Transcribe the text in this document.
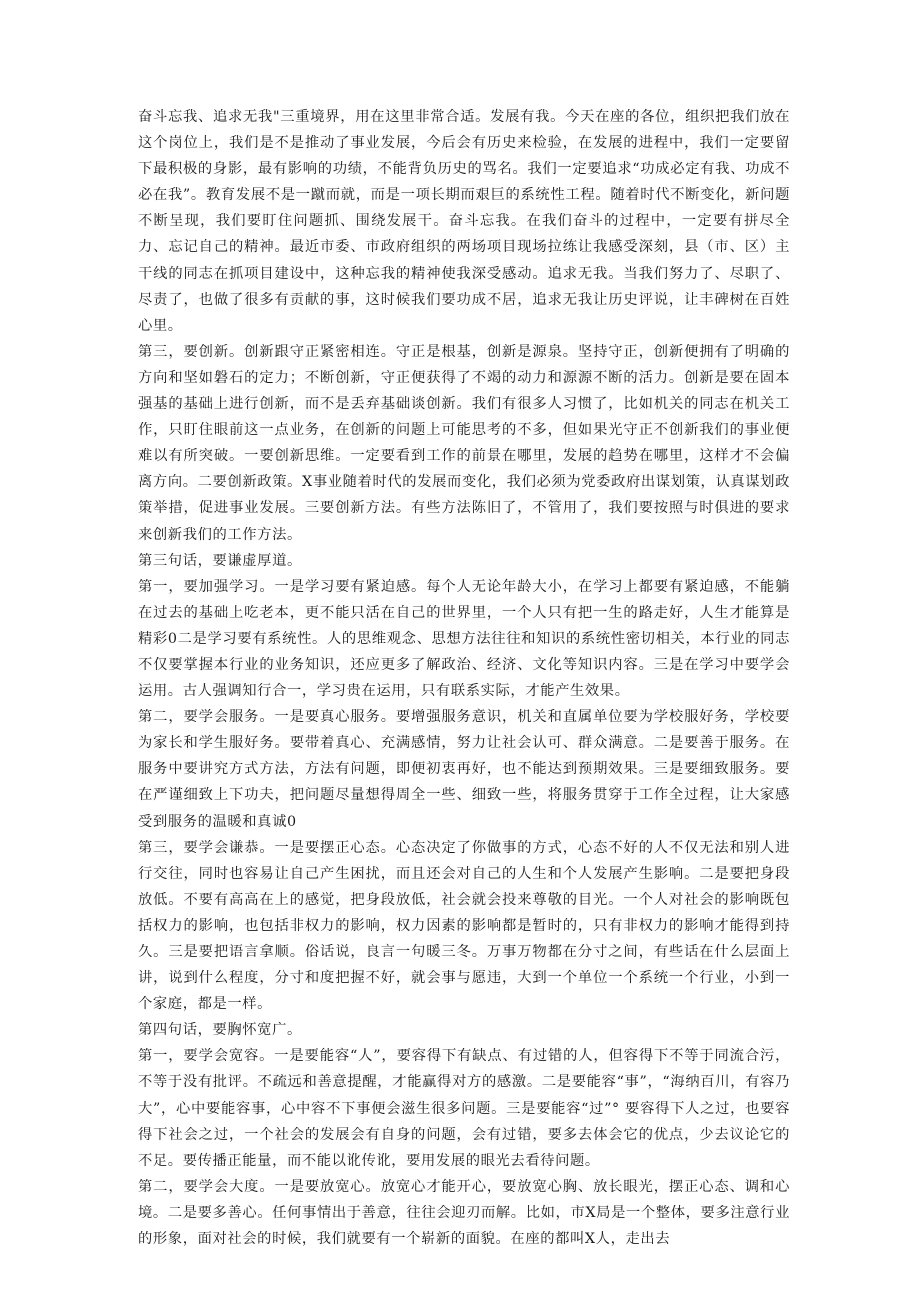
奋斗忘我、追求无我"三重境界，用在这里非常合适。发展有我。今天在座的各位，组织把我们放在这个岗位上，我们是不是推动了事业发展，今后会有历史来检验，在发展的进程中，我们一定要留下最积极的身影，最有影响的功绩，不能背负历史的骂名。我们一定要追求“功成必定有我、功成不必在我”。教育发展不是一蹴而就，而是一项长期而艰巨的系统性工程。随着时代不断变化，新问题不断呈现，我们要盯住问题抓、围绕发展干。奋斗忘我。在我们奋斗的过程中，一定要有拼尽全力、忘记自己的精神。最近市委、市政府组织的两场项目现场拉练让我感受深刻，县（市、区）主干线的同志在抓项目建设中，这种忘我的精神使我深受感动。追求无我。当我们努力了、尽职了、尽责了，也做了很多有贡献的事，这时候我们要功成不居，追求无我让历史评说，让丰碑树在百姓心里。

第三，要创新。创新跟守正紧密相连。守正是根基，创新是源泉。坚持守正，创新便拥有了明确的方向和坚如磐石的定力；不断创新，守正便获得了不竭的动力和源源不断的活力。创新是要在固本强基的基础上进行创新，而不是丢弃基础谈创新。我们有很多人习惯了，比如机关的同志在机关工作，只盯住眼前这一点业务，在创新的问题上可能思考的不多，但如果光守正不创新我们的事业便难以有所突破。一要创新思维。一定要看到工作的前景在哪里，发展的趋势在哪里，这样才不会偏离方向。二要创新政策。X事业随着时代的发展而变化，我们必须为党委政府出谋划策，认真谋划政策举措，促进事业发展。三要创新方法。有些方法陈旧了，不管用了，我们要按照与时俱进的要求来创新我们的工作方法。

第三句话，要谦虚厚道。

第一，要加强学习。一是学习要有紧迫感。每个人无论年龄大小，在学习上都要有紧迫感，不能躺在过去的基础上吃老本，更不能只活在自己的世界里，一个人只有把一生的路走好，人生才能算是精彩0二是学习要有系统性。人的思维观念、思想方法往往和知识的系统性密切相关，本行业的同志不仅要掌握本行业的业务知识，还应更多了解政治、经济、文化等知识内容。三是在学习中要学会运用。古人强调知行合一，学习贵在运用，只有联系实际，才能产生效果。

第二，要学会服务。一是要真心服务。要增强服务意识，机关和直属单位要为学校服好务，学校要为家长和学生服好务。要带着真心、充满感情，努力让社会认可、群众满意。二是要善于服务。在服务中要讲究方式方法，方法有问题，即便初衷再好，也不能达到预期效果。三是要细致服务。要在严谨细致上下功夫，把问题尽量想得周全一些、细致一些，将服务贯穿于工作全过程，让大家感受到服务的温暖和真诚0

第三，要学会谦恭。一是要摆正心态。心态决定了你做事的方式，心态不好的人不仅无法和别人进行交往，同时也容易让自己产生困扰，而且还会对自己的人生和个人发展产生影响。二是要把身段放低。不要有高高在上的感觉，把身段放低，社会就会投来尊敬的目光。一个人对社会的影响既包括权力的影响，也包括非权力的影响，权力因素的影响都是暂时的，只有非权力的影响才能得到持久。三是要把语言拿顺。俗话说，良言一句暖三冬。万事万物都在分寸之间，有些话在什么层面上讲，说到什么程度，分寸和度把握不好，就会事与愿违，大到一个单位一个系统一个行业，小到一个家庭，都是一样。

第四句话，要胸怀宽广。

第一，要学会宽容。一是要能容“人”，要容得下有缺点、有过错的人，但容得下不等于同流合污，不等于没有批评。不疏远和善意提醒，才能赢得对方的感激。二是要能容“事”，“海纳百川，有容乃大”，心中要能容事，心中容不下事便会滋生很多问题。三是要能容“过”° 要容得下人之过，也要容得下社会之过，一个社会的发展会有自身的问题，会有过错，要多去体会它的优点，少去议论它的不足。要传播正能量，而不能以讹传讹，要用发展的眼光去看待问题。

第二，要学会大度。一是要放宽心。放宽心才能开心，要放宽心胸、放长眼光，摆正心态、调和心境。二是要多善心。任何事情出于善意，往往会迎刃而解。比如，市X局是一个整体，要多注意行业的形象，面对社会的时候，我们就要有一个崭新的面貌。在座的都叫X人，走出去
